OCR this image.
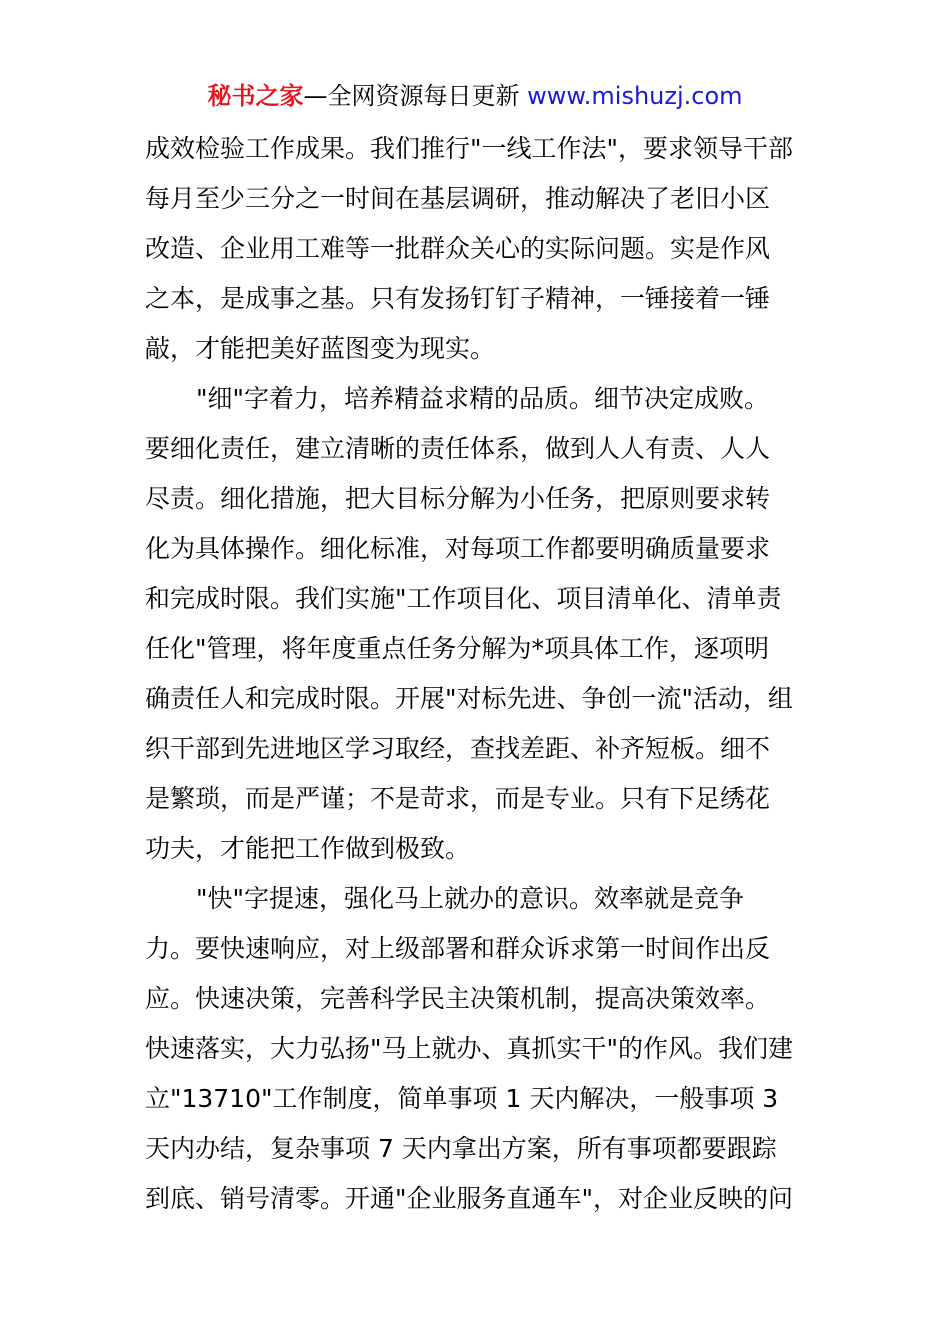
秘书之家—全网资源每日更新 www.mishuzj.com
成效检验工作成果。我们推行"一线工作法"，要求领导干部
每月至少三分之一时间在基层调研，推动解决了老旧小区
改造、企业用工难等一批群众关心的实际问题。实是作风
之本，是成事之基。只有发扬钉钉子精神，一锤接着一锤
敲，才能把美好蓝图变为现实。
"细"字着力，培养精益求精的品质。细节决定成败。
要细化责任，建立清晰的责任体系，做到人人有责、人人
尽责。细化措施，把大目标分解为小任务，把原则要求转
化为具体操作。细化标准，对每项工作都要明确质量要求
和完成时限。我们实施"工作项目化、项目清单化、清单责
任化"管理，将年度重点任务分解为*项具体工作，逐项明
确责任人和完成时限。开展"对标先进、争创一流"活动，组
织干部到先进地区学习取经，查找差距、补齐短板。细不
是繁琐，而是严谨；不是苛求，而是专业。只有下足绣花
功夫，才能把工作做到极致。
"快"字提速，强化马上就办的意识。效率就是竞争
力。要快速响应，对上级部署和群众诉求第一时间作出反
应。快速决策，完善科学民主决策机制，提高决策效率。
快速落实，大力弘扬"马上就办、真抓实干"的作风。我们建
立"13710"工作制度，简单事项 1 天内解决，一般事项 3
天内办结，复杂事项 7 天内拿出方案，所有事项都要跟踪
到底、销号清零。开通"企业服务直通车"，对企业反映的问
